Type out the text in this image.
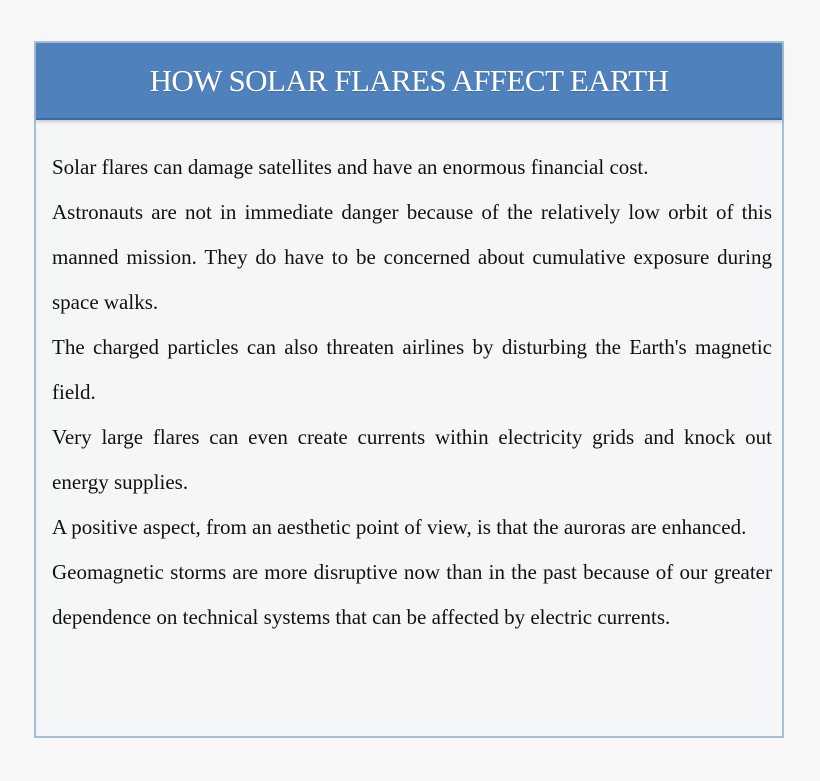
HOW SOLAR FLARES AFFECT EARTH

Solar flares can damage satellites and have an enormous financial cost.

Astronauts are not in immediate danger because of the relatively low orbit of this manned mission. They do have to be concerned about cumulative exposure during space walks.

The charged particles can also threaten airlines by disturbing the Earth's magnetic field.

Very large flares can even create currents within electricity grids and knock out energy supplies.

A positive aspect, from an aesthetic point of view, is that the auroras are enhanced.

Geomagnetic storms are more disruptive now than in the past because of our greater dependence on technical systems that can be affected by electric currents.
